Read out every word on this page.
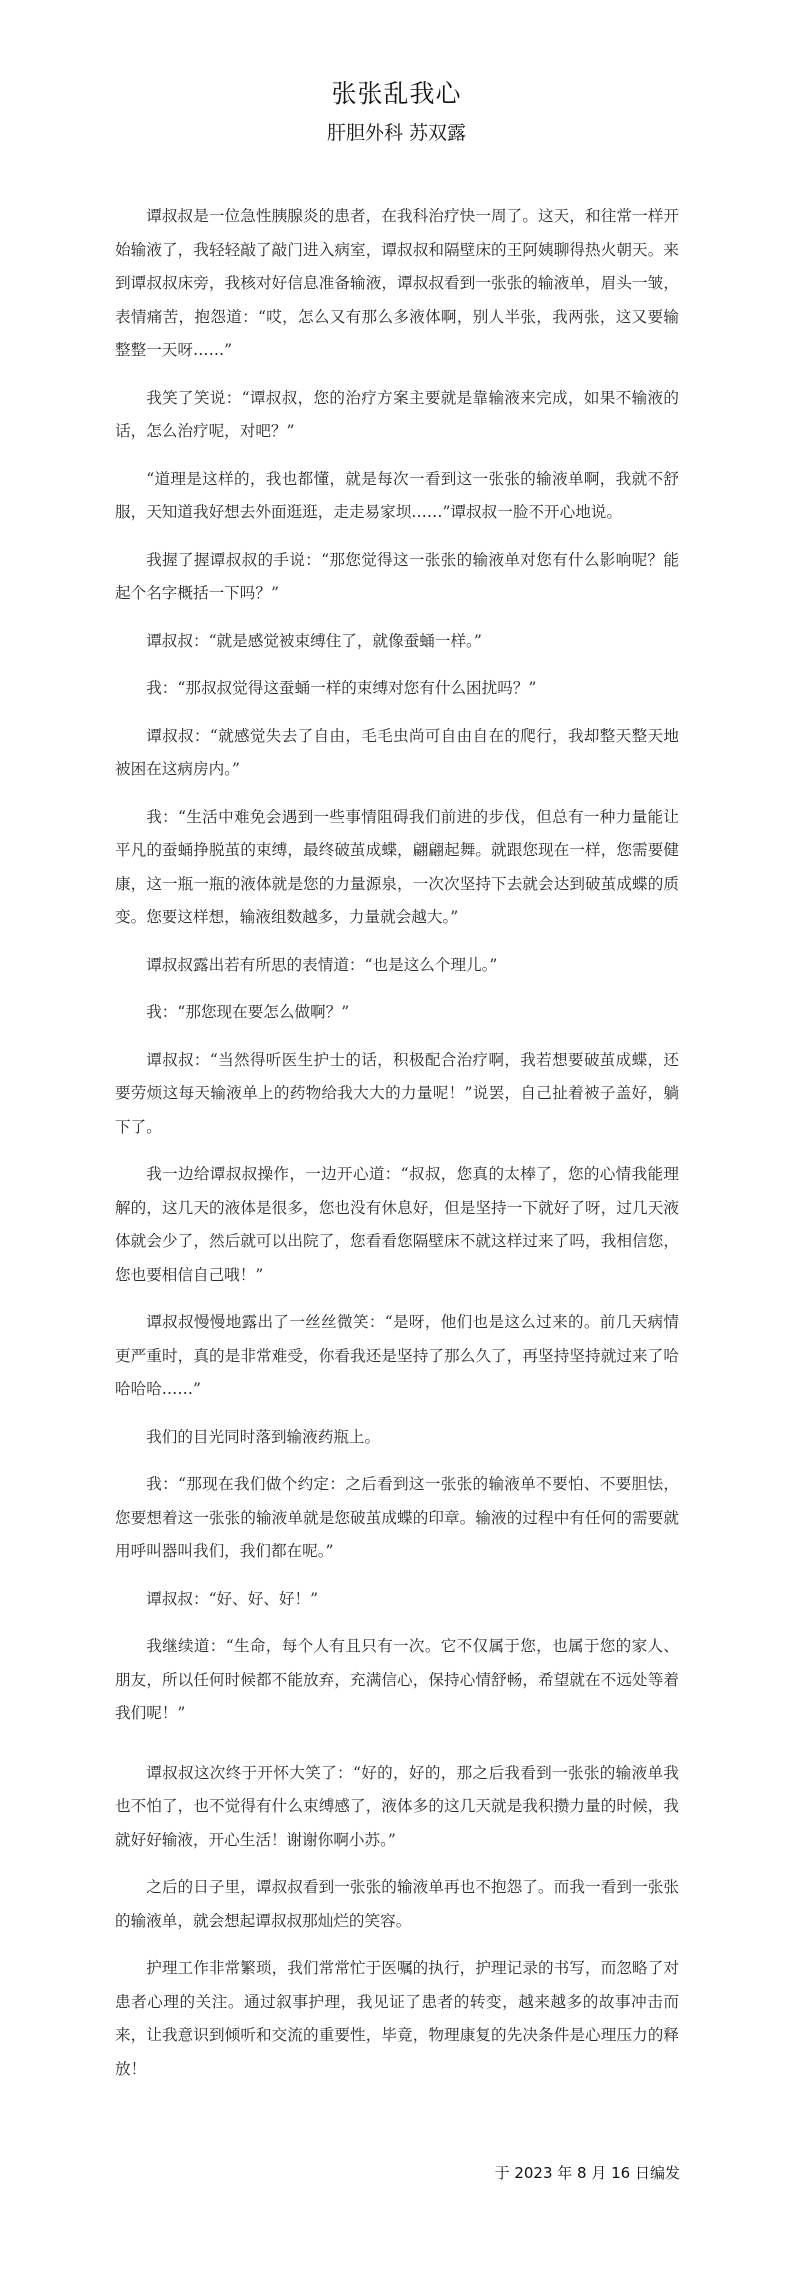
张张乱我心
肝胆外科 苏双露

谭叔叔是一位急性胰腺炎的患者，在我科治疗快一周了。这天，和往常一样开始输液了，我轻轻敲了敲门进入病室，谭叔叔和隔壁床的王阿姨聊得热火朝天。来到谭叔叔床旁，我核对好信息准备输液，谭叔叔看到一张张的输液单，眉头一皱，表情痛苦，抱怨道：“哎，怎么又有那么多液体啊，别人半张，我两张，这又要输整整一天呀……”

我笑了笑说：“谭叔叔，您的治疗方案主要就是靠输液来完成，如果不输液的话，怎么治疗呢，对吧？”

“道理是这样的，我也都懂，就是每次一看到这一张张的输液单啊，我就不舒服，天知道我好想去外面逛逛，走走易家坝……”谭叔叔一脸不开心地说。

我握了握谭叔叔的手说：“那您觉得这一张张的输液单对您有什么影响呢？能起个名字概括一下吗？”

谭叔叔：“就是感觉被束缚住了，就像蚕蛹一样。”

我：“那叔叔觉得这蚕蛹一样的束缚对您有什么困扰吗？”

谭叔叔：“就感觉失去了自由，毛毛虫尚可自由自在的爬行，我却整天整天地被困在这病房内。”

我：“生活中难免会遇到一些事情阻碍我们前进的步伐，但总有一种力量能让平凡的蚕蛹挣脱茧的束缚，最终破茧成蝶，翩翩起舞。就跟您现在一样，您需要健康，这一瓶一瓶的液体就是您的力量源泉，一次次坚持下去就会达到破茧成蝶的质变。您要这样想，输液组数越多，力量就会越大。”

谭叔叔露出若有所思的表情道：“也是这么个理儿。”

我：“那您现在要怎么做啊？”

谭叔叔：“当然得听医生护士的话，积极配合治疗啊，我若想要破茧成蝶，还要劳烦这每天输液单上的药物给我大大的力量呢！”说罢，自己扯着被子盖好，躺下了。

我一边给谭叔叔操作，一边开心道：“叔叔，您真的太棒了，您的心情我能理解的，这几天的液体是很多，您也没有休息好，但是坚持一下就好了呀，过几天液体就会少了，然后就可以出院了，您看看您隔壁床不就这样过来了吗，我相信您，您也要相信自己哦！”

谭叔叔慢慢地露出了一丝丝微笑：“是呀，他们也是这么过来的。前几天病情更严重时，真的是非常难受，你看我还是坚持了那么久了，再坚持坚持就过来了哈哈哈哈……”

我们的目光同时落到输液药瓶上。

我：“那现在我们做个约定：之后看到这一张张的输液单不要怕、不要胆怯，您要想着这一张张的输液单就是您破茧成蝶的印章。输液的过程中有任何的需要就用呼叫器叫我们，我们都在呢。”

谭叔叔：“好、好、好！”

我继续道：“生命，每个人有且只有一次。它不仅属于您，也属于您的家人、朋友，所以任何时候都不能放弃，充满信心，保持心情舒畅，希望就在不远处等着我们呢！”

谭叔叔这次终于开怀大笑了：“好的，好的，那之后我看到一张张的输液单我也不怕了，也不觉得有什么束缚感了，液体多的这几天就是我积攒力量的时候，我就好好输液，开心生活！谢谢你啊小苏。”

之后的日子里，谭叔叔看到一张张的输液单再也不抱怨了。而我一看到一张张的输液单，就会想起谭叔叔那灿烂的笑容。

护理工作非常繁琐，我们常常忙于医嘱的执行，护理记录的书写，而忽略了对患者心理的关注。通过叙事护理，我见证了患者的转变，越来越多的故事冲击而来，让我意识到倾听和交流的重要性，毕竟，物理康复的先决条件是心理压力的释放！

于 2023 年 8 月 16 日编发
